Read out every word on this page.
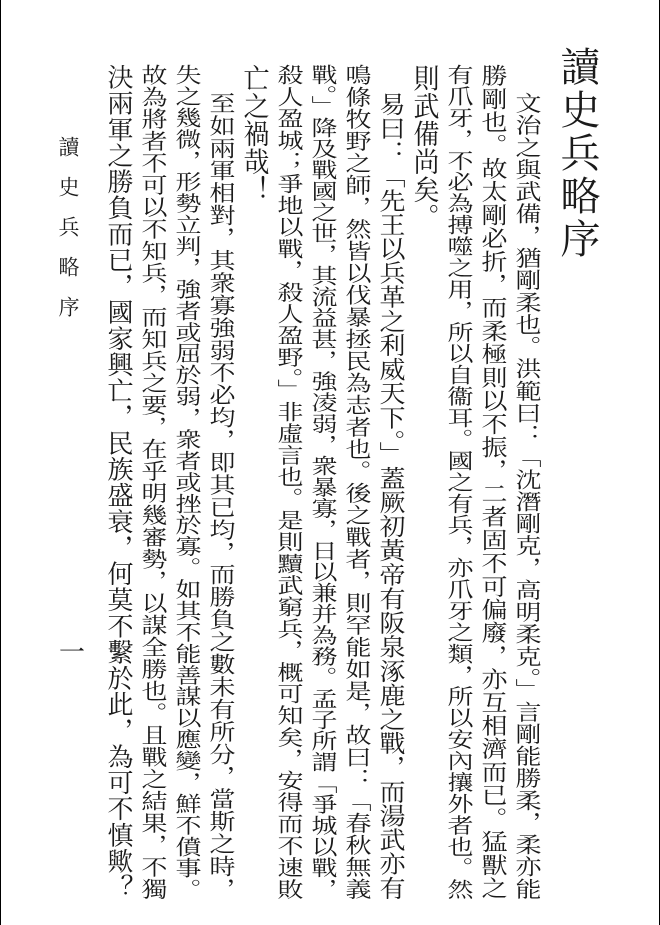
讀史兵略序
文治之與武備，猶剛柔也。洪範曰：「沈潛剛克，高明柔克。」言剛能勝柔，柔亦能
勝剛也。故太剛必折，而柔極則以不振，二者固不可偏廢，亦互相濟而已。猛獸之
有爪牙，不必為搏噬之用，所以自衞耳。國之有兵，亦爪牙之類，所以安內攘外者也。然
則武備尚矣。
易曰：「先王以兵革之利威天下。」蓋厥初黃帝有阪泉涿鹿之戰，而湯武亦有
鳴條牧野之師，然皆以伐暴拯民為志者也。後之戰者，則罕能如是，故曰：「春秋無義
戰。」降及戰國之世，其流益甚，強凌弱，衆暴寡，日以兼并為務。孟子所謂「爭城以戰，
殺人盈城；爭地以戰，殺人盈野。」非虛言也。是則黷武窮兵，概可知矣，安得而不速敗
亡之禍哉！
至如兩軍相對，其衆寡強弱不必均，即其已均，而勝負之數未有所分，當斯之時，
失之幾微，形勢立判，強者或屈於弱，衆者或挫於寡。如其不能善謀以應變，鮮不僨事。
故為將者不可以不知兵，而知兵之要，在乎明幾審勢，以謀全勝也。且戰之結果，不獨
決兩軍之勝負而已，國家興亡，民族盛衰，何莫不繫於此，為可不慎歟？
讀史兵略序
一
